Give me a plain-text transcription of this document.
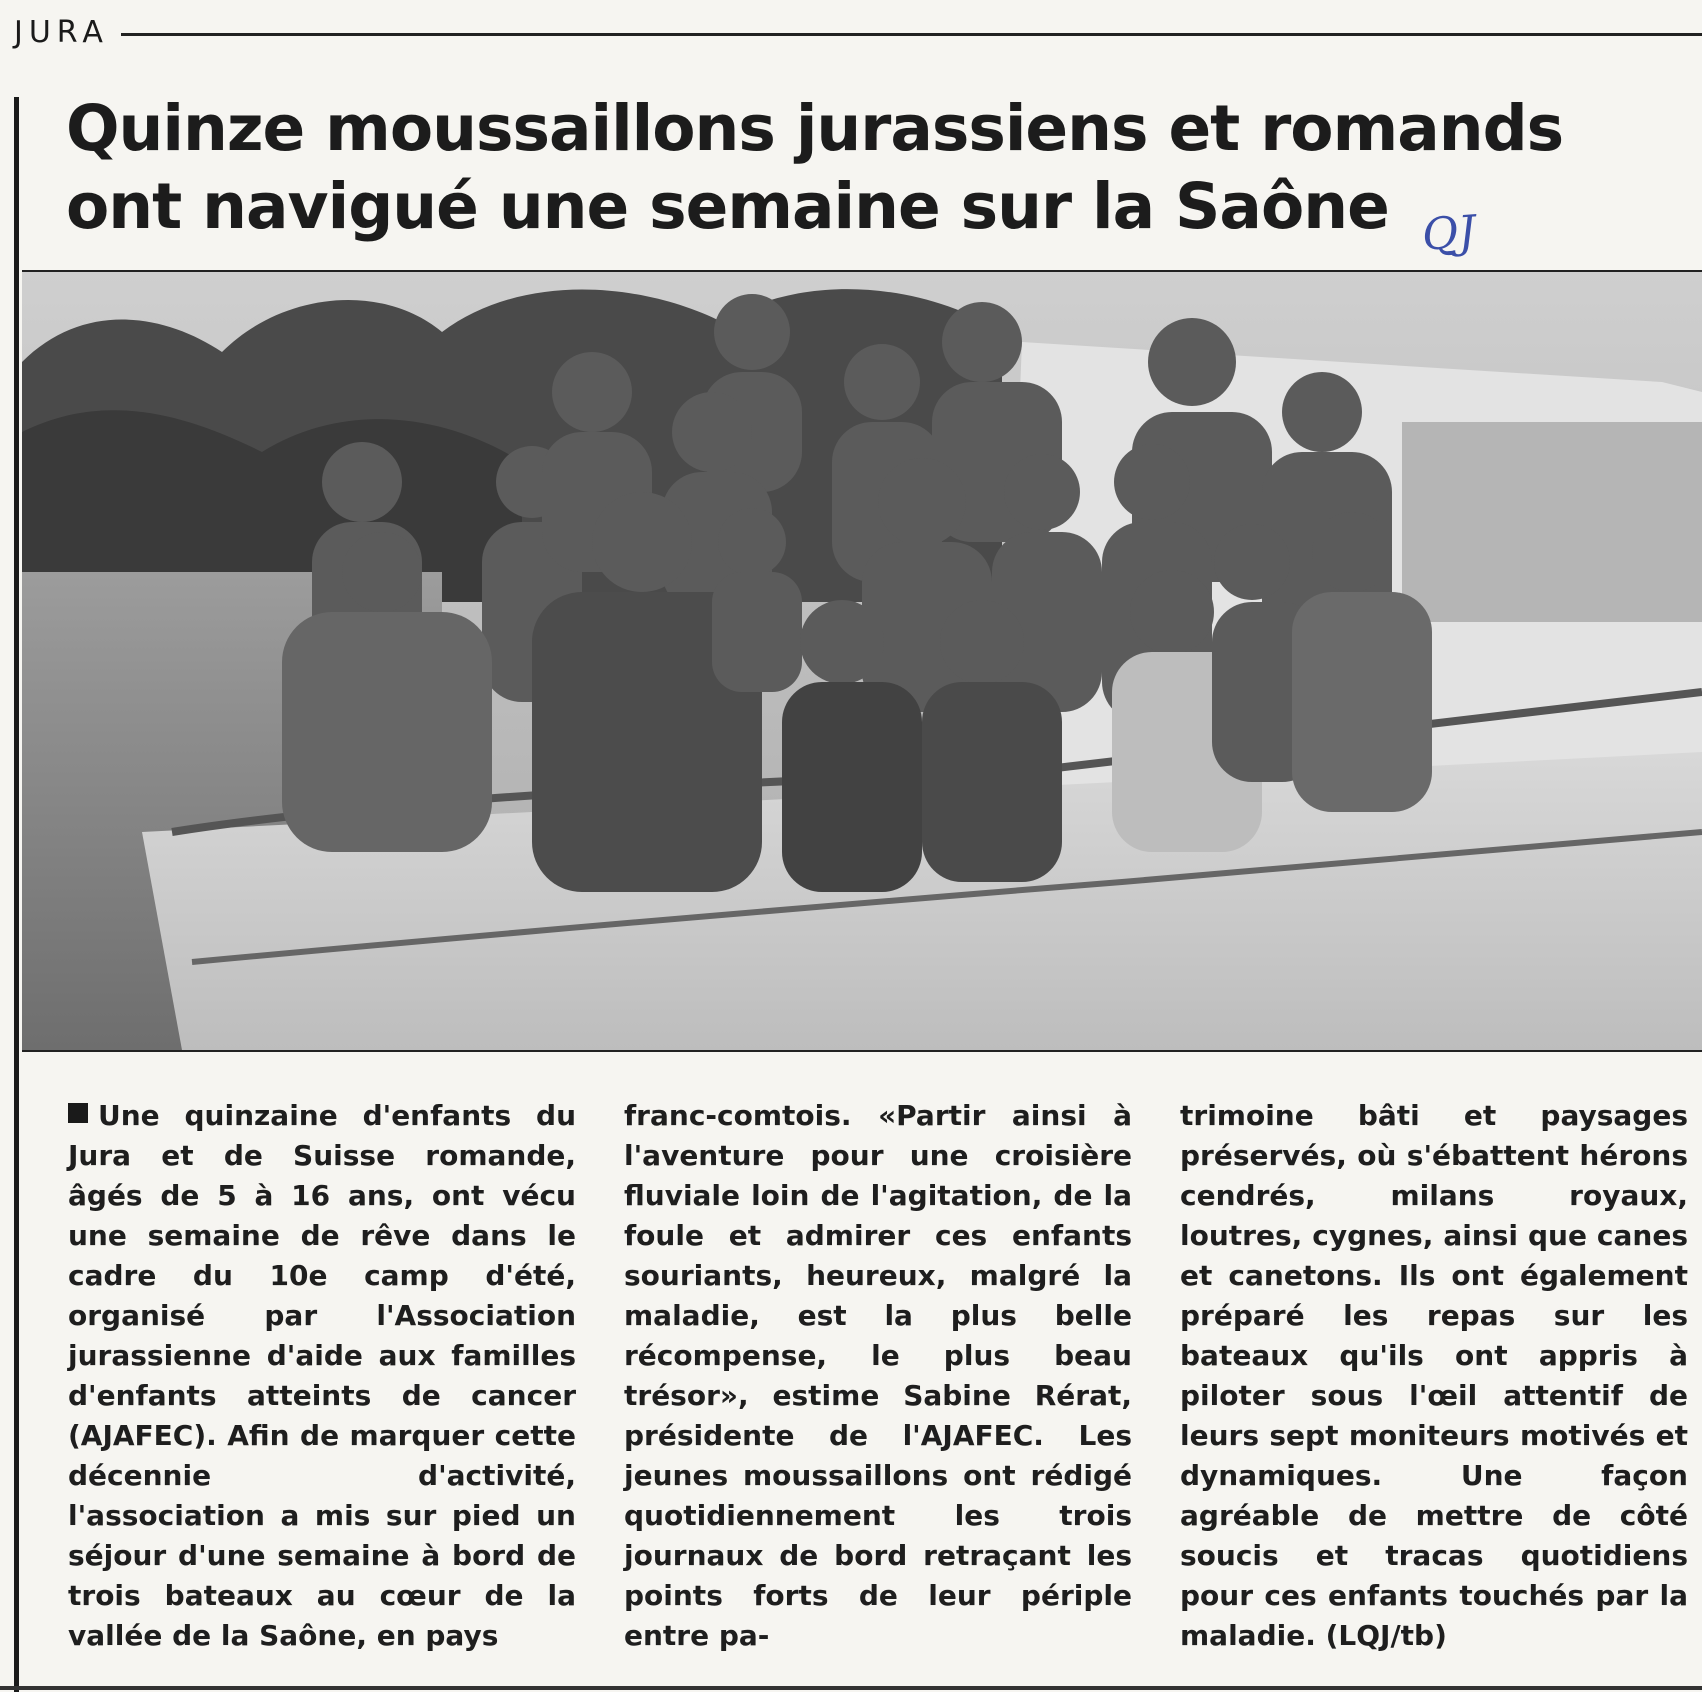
JURA
Quinze moussaillons jurassiens et romands
ont navigué une semaine sur la Saône QJ

Une quinzaine d'enfants du Jura et de Suisse romande, âgés de 5 à 16 ans, ont vécu une semaine de rêve dans le cadre du 10e camp d'été, organisé par l'Association jurassienne d'aide aux familles d'enfants atteints de cancer (AJAFEC). Afin de marquer cette décennie d'activité, l'association a mis sur pied un séjour d'une semaine à bord de trois bateaux au cœur de la vallée de la Saône, en pays

franc-comtois. «Partir ainsi à l'aventure pour une croisière fluviale loin de l'agitation, de la foule et admirer ces enfants souriants, heureux, malgré la maladie, est la plus belle récompense, le plus beau trésor», estime Sabine Rérat, présidente de l'AJAFEC. Les jeunes moussaillons ont rédigé quotidiennement les trois journaux de bord retraçant les points forts de leur périple entre pa-

trimoine bâti et paysages préservés, où s'ébattent hérons cendrés, milans royaux, loutres, cygnes, ainsi que canes et canetons. Ils ont également préparé les repas sur les bateaux qu'ils ont appris à piloter sous l'œil attentif de leurs sept moniteurs motivés et dynamiques. Une façon agréable de mettre de côté soucis et tracas quotidiens pour ces enfants touchés par la maladie. (LQJ/tb)
